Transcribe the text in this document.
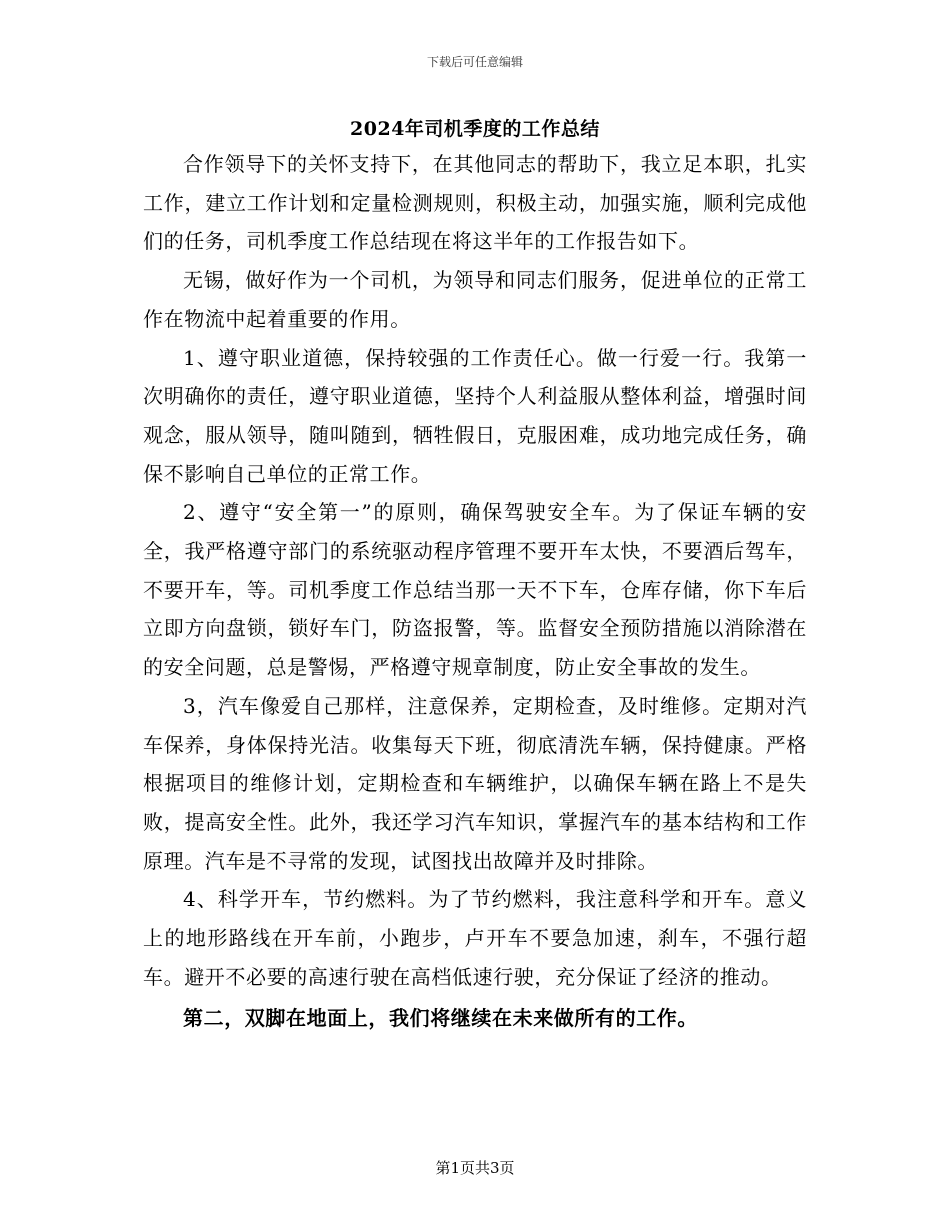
下载后可任意编辑
2024年司机季度的工作总结

合作领导下的关怀支持下，在其他同志的帮助下，我立足本职，扎实工作，建立工作计划和定量检测规则，积极主动，加强实施，顺利完成他们的任务，司机季度工作总结现在将这半年的工作报告如下。

无锡，做好作为一个司机，为领导和同志们服务，促进单位的正常工作在物流中起着重要的作用。

1、遵守职业道德，保持较强的工作责任心。做一行爱一行。我第一次明确你的责任，遵守职业道德，坚持个人利益服从整体利益，增强时间观念，服从领导，随叫随到，牺牲假日，克服困难，成功地完成任务，确保不影响自己单位的正常工作。

2、遵守“安全第一”的原则，确保驾驶安全车。为了保证车辆的安全，我严格遵守部门的系统驱动程序管理不要开车太快，不要酒后驾车，不要开车，等。司机季度工作总结当那一天不下车，仓库存储，你下车后立即方向盘锁，锁好车门，防盗报警，等。监督安全预防措施以消除潜在的安全问题，总是警惕，严格遵守规章制度，防止安全事故的发生。

3，汽车像爱自己那样，注意保养，定期检查，及时维修。定期对汽车保养，身体保持光洁。收集每天下班，彻底清洗车辆，保持健康。严格根据项目的维修计划，定期检查和车辆维护，以确保车辆在路上不是失败，提高安全性。此外，我还学习汽车知识，掌握汽车的基本结构和工作原理。汽车是不寻常的发现，试图找出故障并及时排除。

4、科学开车，节约燃料。为了节约燃料，我注意科学和开车。意义上的地形路线在开车前，小跑步，卢开车不要急加速，刹车，不强行超车。避开不必要的高速行驶在高档低速行驶，充分保证了经济的推动。

第二，双脚在地面上，我们将继续在未来做所有的工作。

第1页共3页
